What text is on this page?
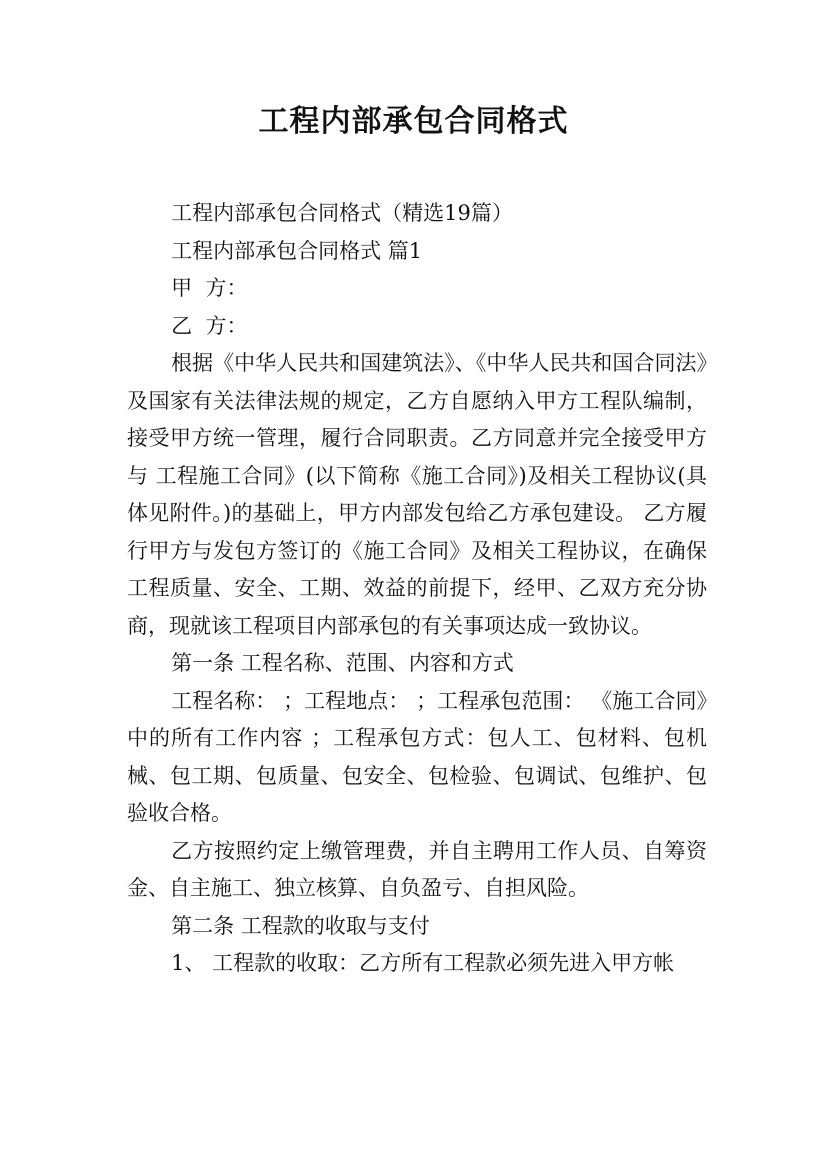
工程内部承包合同格式

工程内部承包合同格式（精选19篇）

工程内部承包合同格式 篇1

甲  方：

乙  方：

根据《中华人民共和国建筑法》、《中华人民共和国合同法》及国家有关法律法规的规定，乙方自愿纳入甲方工程队编制，接受甲方统一管理，履行合同职责。乙方同意并完全接受甲方与 工程施工合同》(以下简称《施工合同》)及相关工程协议(具体见附件。)的基础上，甲方内部发包给乙方承包建设。 乙方履行甲方与发包方签订的《施工合同》及相关工程协议，在确保工程质量、安全、工期、效益的前提下，经甲、乙双方充分协商，现就该工程项目内部承包的有关事项达成一致协议。

第一条 工程名称、范围、内容和方式

工程名称： ；工程地点： ；工程承包范围： 《施工合同》中的所有工作内容 ；工程承包方式：包人工、包材料、包机械、包工期、包质量、包安全、包检验、包调试、包维护、包验收合格。

乙方按照约定上缴管理费，并自主聘用工作人员、自筹资金、自主施工、独立核算、自负盈亏、自担风险。

第二条 工程款的收取与支付

1、 工程款的收取：乙方所有工程款必须先进入甲方帐
